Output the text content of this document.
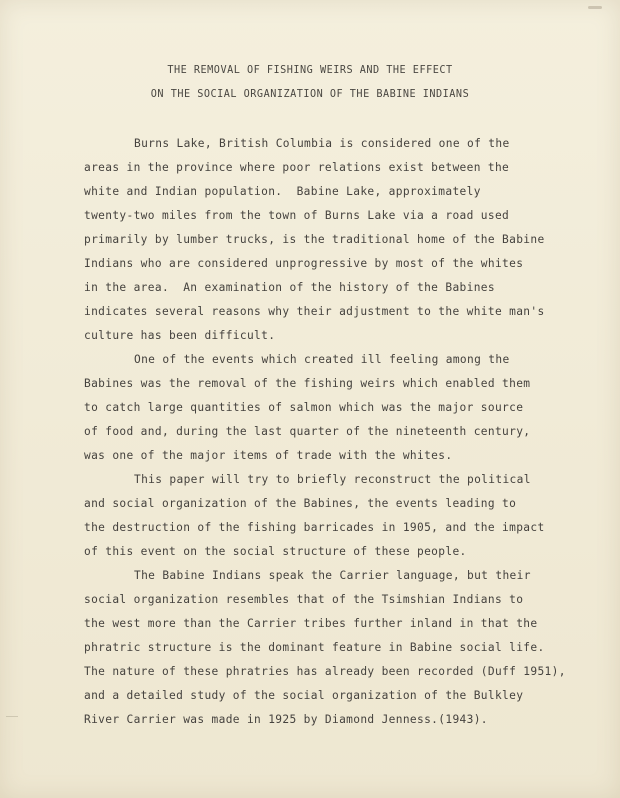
THE REMOVAL OF FISHING WEIRS AND THE EFFECT
ON THE SOCIAL ORGANIZATION OF THE BABINE INDIANS
Burns Lake, British Columbia is considered one of the
areas in the province where poor relations exist between the
white and Indian population.  Babine Lake, approximately
twenty-two miles from the town of Burns Lake via a road used
primarily by lumber trucks, is the traditional home of the Babine
Indians who are considered unprogressive by most of the whites
in the area.  An examination of the history of the Babines
indicates several reasons why their adjustment to the white man's
culture has been difficult.
One of the events which created ill feeling among the
Babines was the removal of the fishing weirs which enabled them
to catch large quantities of salmon which was the major source
of food and, during the last quarter of the nineteenth century,
was one of the major items of trade with the whites.
This paper will try to briefly reconstruct the political
and social organization of the Babines, the events leading to
the destruction of the fishing barricades in 1905, and the impact
of this event on the social structure of these people.
The Babine Indians speak the Carrier language, but their
social organization resembles that of the Tsimshian Indians to
the west more than the Carrier tribes further inland in that the
phratric structure is the dominant feature in Babine social life.
The nature of these phratries has already been recorded (Duff 1951),
and a detailed study of the social organization of the Bulkley
River Carrier was made in 1925 by Diamond Jenness.(1943).
